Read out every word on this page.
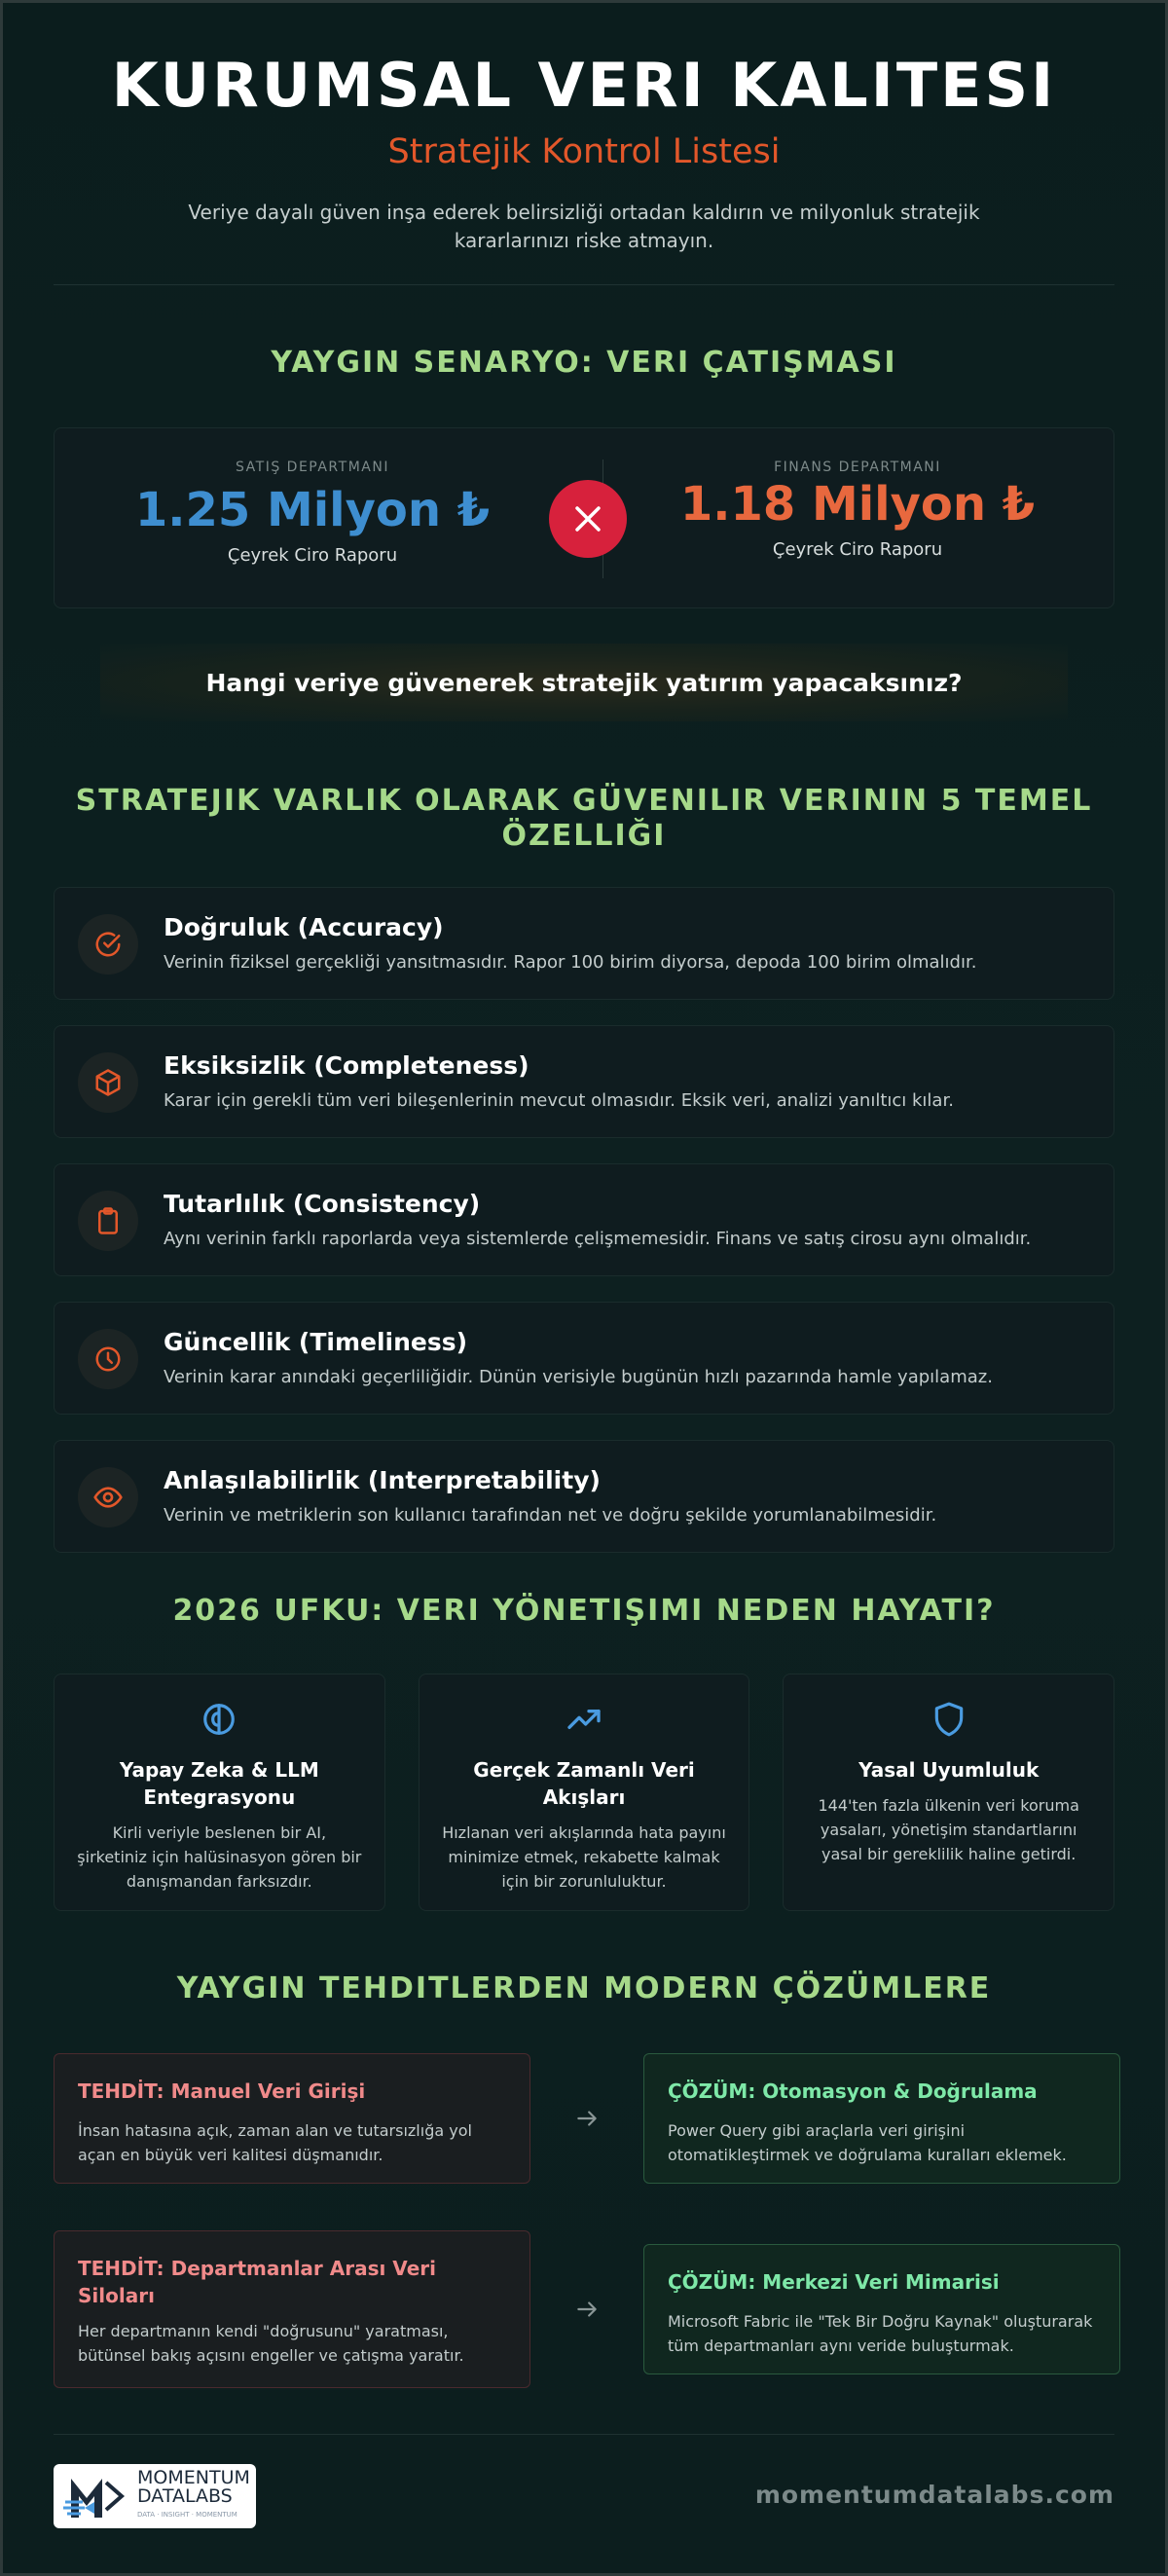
KURUMSAL VERI KALITESI
Stratejik Kontrol Listesi
Veriye dayalı güven inşa ederek belirsizliği ortadan kaldırın ve milyonluk stratejik kararlarınızı riske atmayın.
YAYGIN SENARYO: VERI ÇATIŞMASI
SATIŞ DEPARTMANI
1.25 Milyon ₺
Çeyrek Ciro Raporu
FINANS DEPARTMANI
1.18 Milyon ₺
Çeyrek Ciro Raporu
Hangi veriye güvenerek stratejik yatırım yapacaksınız?
STRATEJIK VARLIK OLARAK GÜVENILIR VERININ 5 TEMEL ÖZELLIĞI
Doğruluk (Accuracy)
Verinin fiziksel gerçekliği yansıtmasıdır. Rapor 100 birim diyorsa, depoda 100 birim olmalıdır.
Eksiksizlik (Completeness)
Karar için gerekli tüm veri bileşenlerinin mevcut olmasıdır. Eksik veri, analizi yanıltıcı kılar.
Tutarlılık (Consistency)
Aynı verinin farklı raporlarda veya sistemlerde çelişmemesidir. Finans ve satış cirosu aynı olmalıdır.
Güncellik (Timeliness)
Verinin karar anındaki geçerliliğidir. Dünün verisiyle bugünün hızlı pazarında hamle yapılamaz.
Anlaşılabilirlik (Interpretability)
Verinin ve metriklerin son kullanıcı tarafından net ve doğru şekilde yorumlanabilmesidir.
2026 UFKU: VERI YÖNETIŞIMI NEDEN HAYATI?
Yapay Zeka & LLM Entegrasyonu
Kirli veriyle beslenen bir AI, şirketiniz için halüsinasyon gören bir danışmandan farksızdır.
Gerçek Zamanlı Veri Akışları
Hızlanan veri akışlarında hata payını minimize etmek, rekabette kalmak için bir zorunluluktur.
Yasal Uyumluluk
144'ten fazla ülkenin veri koruma yasaları, yönetişim standartlarını yasal bir gereklilik haline getirdi.
YAYGIN TEHDITLERDEN MODERN ÇÖZÜMLERE
TEHDİT: Manuel Veri Girişi
İnsan hatasına açık, zaman alan ve tutarsızlığa yol açan en büyük veri kalitesi düşmanıdır.
ÇÖZÜM: Otomasyon & Doğrulama
Power Query gibi araçlarla veri girişini otomatikleştirmek ve doğrulama kuralları eklemek.
TEHDİT: Departmanlar Arası Veri Siloları
Her departmanın kendi "doğrusunu" yaratması, bütünsel bakış açısını engeller ve çatışma yaratır.
ÇÖZÜM: Merkezi Veri Mimarisi
Microsoft Fabric ile "Tek Bir Doğru Kaynak" oluşturarak tüm departmanları aynı veride buluşturmak.
MOMENTUM
DATALABS
DATA · INSIGHT · MOMENTUM
momentumdatalabs.com
